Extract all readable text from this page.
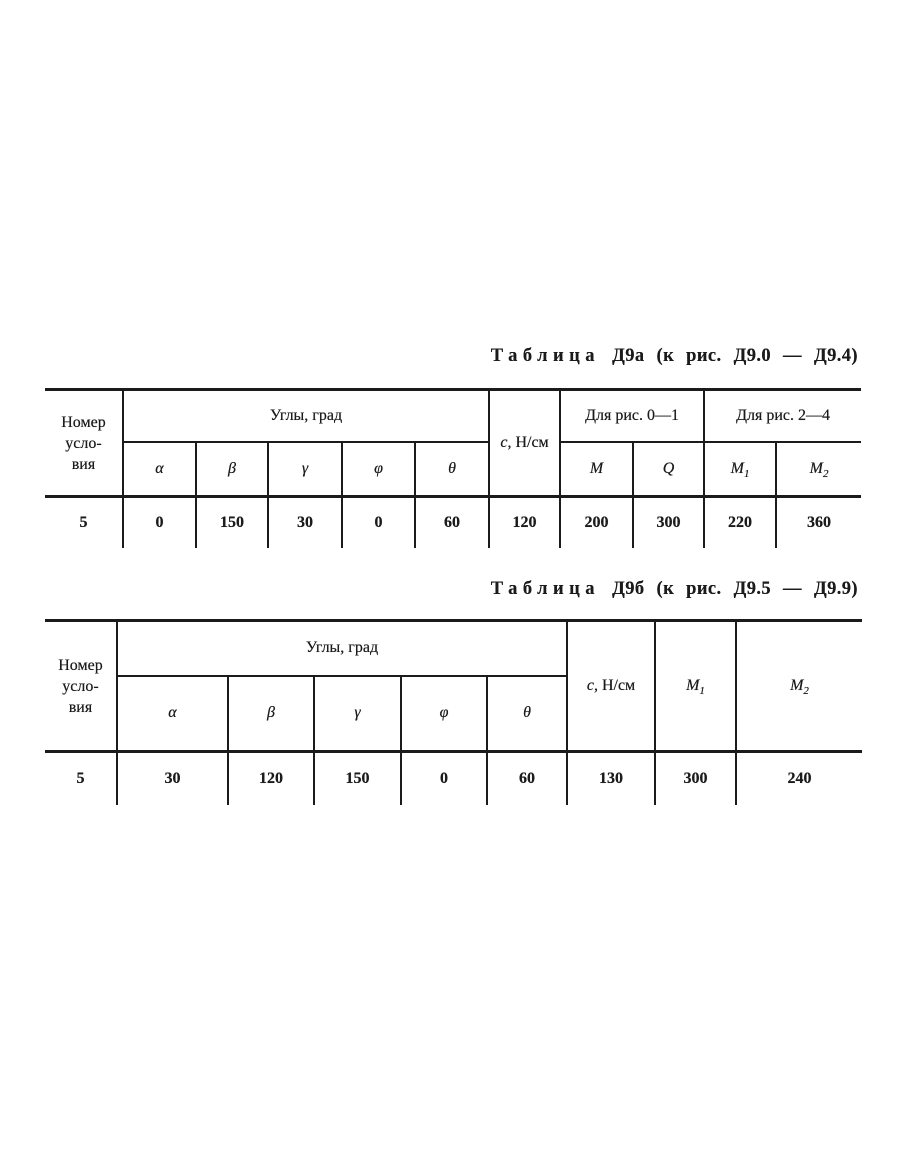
Таблица Д9а (к рис. Д9.0 — Д9.4)
Номер
усло-
вия	Углы, град					c, Н/см	Для рис. 0—1		Для рис. 2—4	
	α	β	γ	φ	θ		M	Q	$M_1$	$M_2$
5	0	150	30	0	60	120	200	300	220	360
Таблица Д9б (к рис. Д9.5 — Д9.9)
Номер
усло-
вия	Углы, град					c, Н/см	$M_1$	$M_2$
	α	β	γ	φ	θ			
5	30	120	150	0	60	130	300	240
